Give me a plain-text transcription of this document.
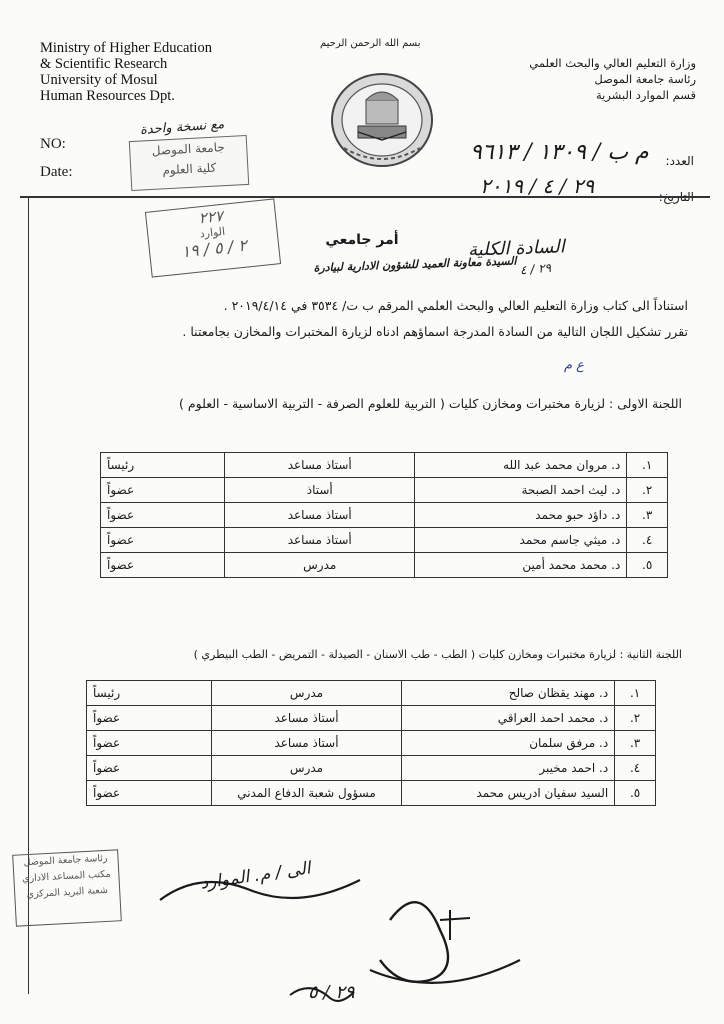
Ministry of Higher Education
& Scientific Research
University of Mosul
Human Resources Dpt.
بسم الله الرحمن الرحيم
وزارة التعليم العالي والبحث العلمي
رئاسة جامعة الموصل
قسم الموارد البشرية
مع نسخة واحدة
جامعة الموصل
كلية العلوم
NO:
Date:
العدد:
التاريخ:
م ب / ١٣٠٩ / ٩٦١٣
٢٩ / ٤ / ٢٠١٩
٢٢٧
الوارد
٢ / ٥ / ١٩	أمر جامعي	السادة الكلية
٢٩ / ٤
السيدة معاونة العميد للشؤون الادارية لبيادرة
استناداً الى كتاب وزارة التعليم العالي والبحث العلمي المرقم ب ت/ ٣٥٣٤ في ٢٠١٩/٤/١٤ .
تقرر تشكيل اللجان التالية من السادة المدرجة اسماؤهم ادناه لزيارة المختبرات والمخازن بجامعتنا .
ع م
اللجنة الاولى : لزيارة مختبرات ومخازن كليات ( التربية للعلوم الصرفة - التربية الاساسية - العلوم )
١.	د. مروان محمد عبد الله	أستاذ مساعد	رئيساً
٢.	د. ليث احمد الصبحة	أستاذ	عضواً
٣.	د. داؤد حبو محمد	أستاذ مساعد	عضواً
٤.	د. ميثي جاسم محمد	أستاذ مساعد	عضواً
٥.	د. محمد محمد أمين	مدرس	عضواً
اللجنة الثانية : لزيارة مختبرات ومخازن كليات ( الطب - طب الاسنان - الصيدلة - التمريض - الطب البيطري )
١.	د. مهند يقظان صالح	مدرس	رئيساً
٢.	د. محمد احمد العراقي	أستاذ مساعد	عضواً
٣.	د. مرفق سلمان	أستاذ مساعد	عضواً
٤.	د. احمد مخيبر	مدرس	عضواً
٥.	السيد سفيان ادريس محمد	مسؤول شعبة الدفاع المدني	عضواً
رئاسة جامعة الموصل
مكتب المساعد الاداري
شعبة البريد المركزي	الى / م. الموارد
٢٩ / ٥
